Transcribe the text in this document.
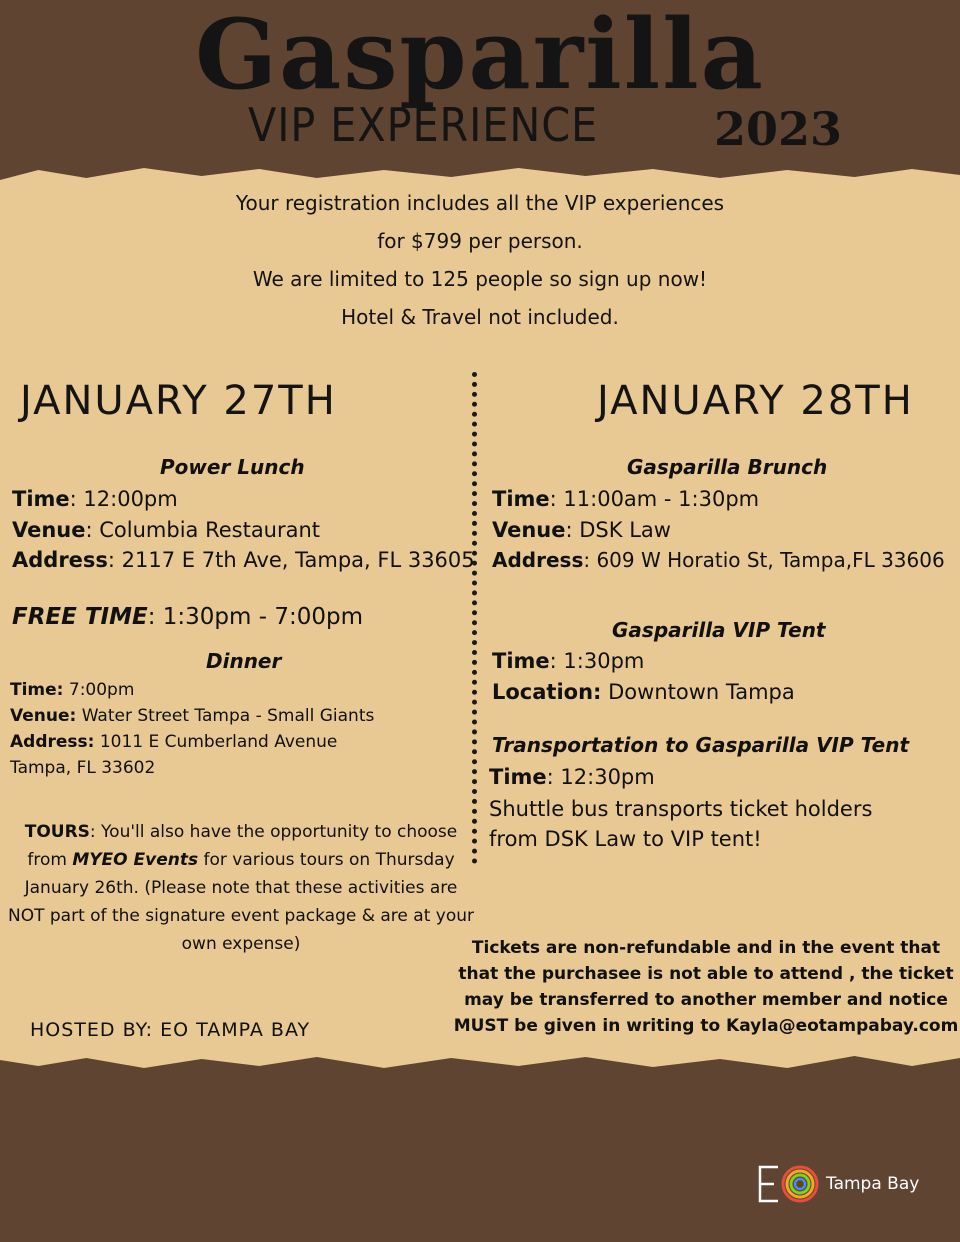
Gasparilla
VIP EXPERIENCE	2023
Your registration includes all the VIP experiences
for $799 per person.
We are limited to 125 people so sign up now!
Hotel & Travel not included.
JANUARY 27TH	JANUARY 28TH
Power Lunch
Time: 12:00pm
Venue: Columbia Restaurant
Address: 2117 E 7th Ave, Tampa, FL 33605
FREE TIME: 1:30pm - 7:00pm
Dinner
Time: 7:00pm
Venue: Water Street Tampa - Small Giants
Address: 1011 E Cumberland Avenue
Tampa, FL 33602
TOURS: You'll also have the opportunity to choose from MYEO Events for various tours on Thursday January 26th. (Please note that these activities are NOT part of the signature event package & are at your own expense)
HOSTED BY: EO TAMPA BAY
Gasparilla Brunch
Time: 11:00am - 1:30pm
Venue: DSK Law
Address: 609 W Horatio St, Tampa,FL 33606
Gasparilla VIP Tent
Time: 1:30pm
Location: Downtown Tampa
Transportation to Gasparilla VIP Tent
Time: 12:30pm
Shuttle bus transports ticket holders
from DSK Law to VIP tent!
Tickets are non-refundable and in the event that that the purchasee is not able to attend , the ticket may be transferred to another member and notice MUST be given in writing to Kayla@eotampabay.com
Tampa Bay
